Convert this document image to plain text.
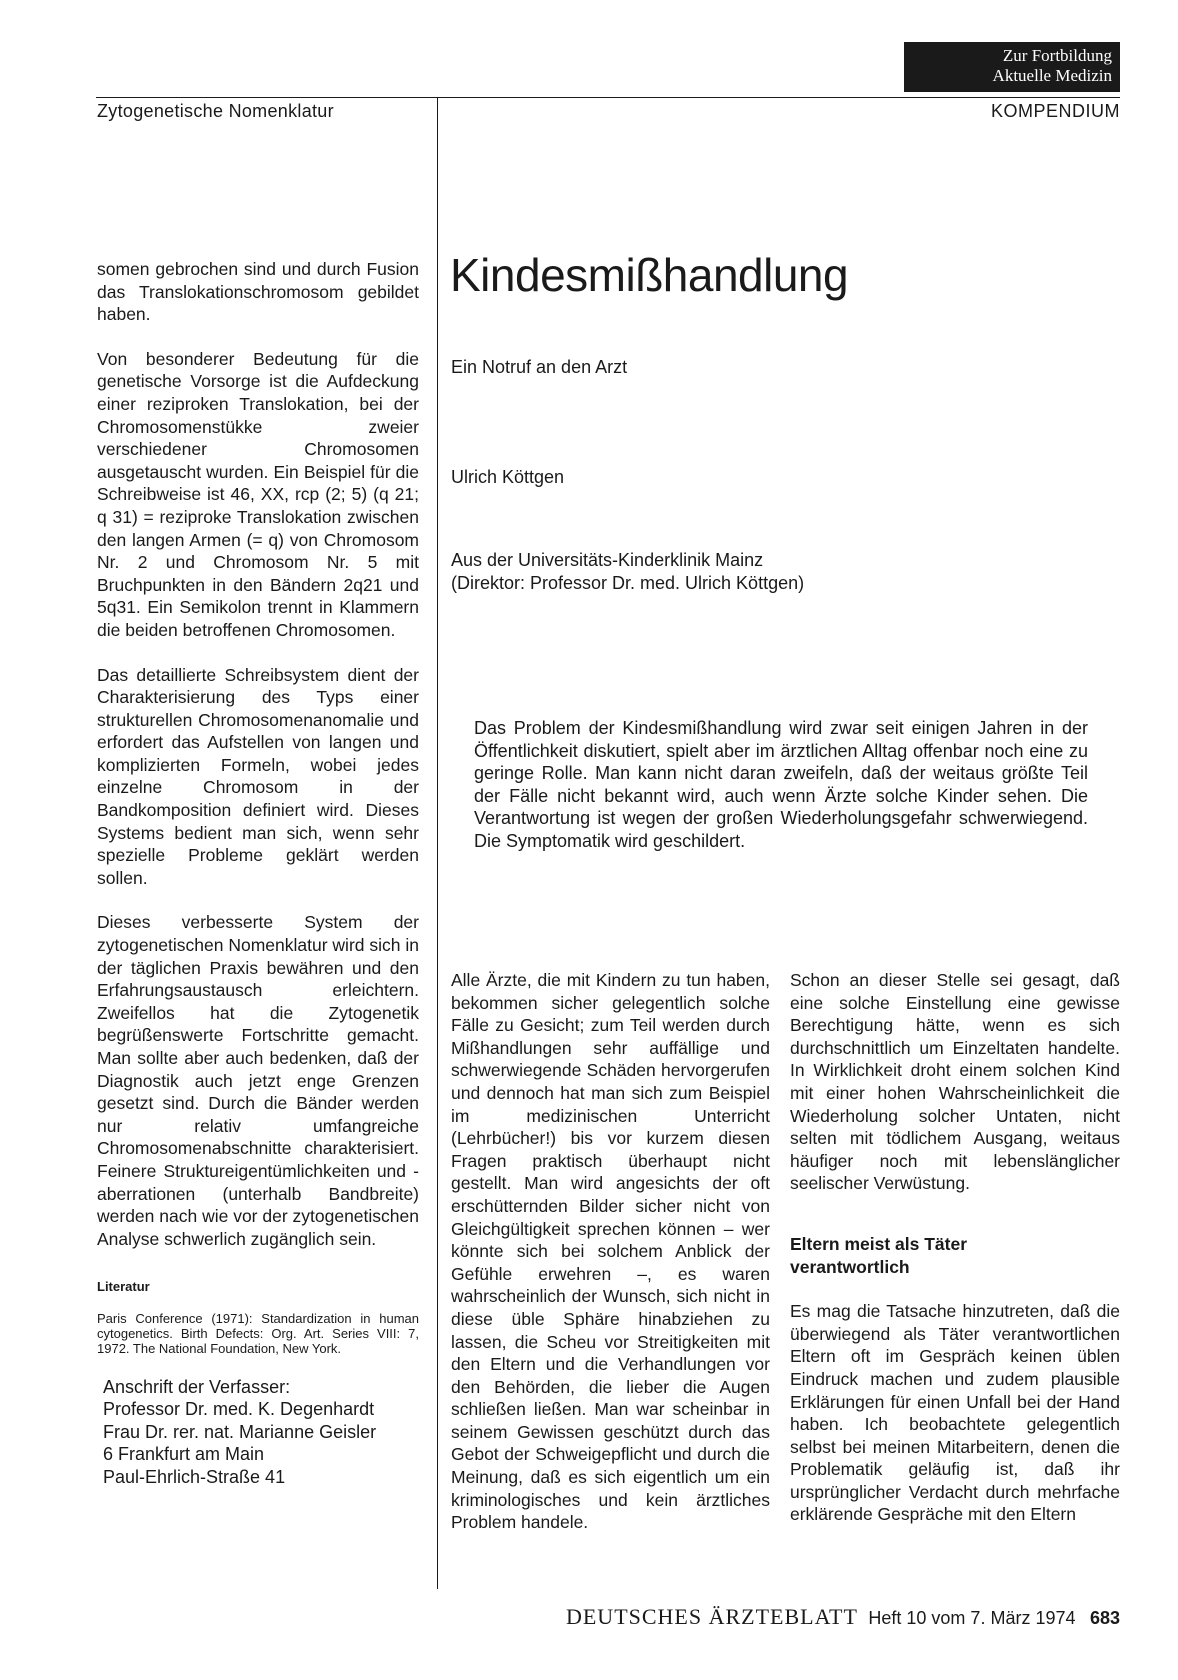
Zur Fortbildung
Aktuelle Medizin
Zytogenetische Nomenklatur	KOMPENDIUM

somen gebrochen sind und durch Fusion das Translokationschromosom gebildet haben.

Von besonderer Bedeutung für die genetische Vorsorge ist die Aufdeckung einer reziproken Translokation, bei der Chromosomenstükke zweier verschiedener Chromosomen ausgetauscht wurden. Ein Beispiel für die Schreibweise ist 46, XX, rcp (2; 5) (q 21; q 31) = reziproke Translokation zwischen den langen Armen (= q) von Chromosom Nr. 2 und Chromosom Nr. 5 mit Bruchpunkten in den Bändern 2q21 und 5q31. Ein Semikolon trennt in Klammern die beiden betroffenen Chromosomen.

Das detaillierte Schreibsystem dient der Charakterisierung des Typs einer strukturellen Chromosomenanomalie und erfordert das Aufstellen von langen und komplizierten Formeln, wobei jedes einzelne Chromosom in der Bandkomposition definiert wird. Dieses Systems bedient man sich, wenn sehr spezielle Probleme geklärt werden sollen.

Dieses verbesserte System der zytogenetischen Nomenklatur wird sich in der täglichen Praxis bewähren und den Erfahrungsaustausch erleichtern. Zweifellos hat die Zytogenetik begrüßenswerte Fortschritte gemacht. Man sollte aber auch bedenken, daß der Diagnostik auch jetzt enge Grenzen gesetzt sind. Durch die Bänder werden nur relativ umfangreiche Chromosomenabschnitte charakterisiert. Feinere Struktureigentümlichkeiten und -aberrationen (unterhalb Bandbreite) werden nach wie vor der zytogenetischen Analyse schwerlich zugänglich sein.

Literatur
Paris Conference (1971): Standardization in human cytogenetics. Birth Defects: Org. Art. Series VIII: 7, 1972. The National Foundation, New York.
Anschrift der Verfasser:
Professor Dr. med. K. Degenhardt
Frau Dr. rer. nat. Marianne Geisler
6 Frankfurt am Main
Paul-Ehrlich-Straße 41
Kindesmißhandlung
Ein Notruf an den Arzt
Ulrich Köttgen
Aus der Universitäts-Kinderklinik Mainz
(Direktor: Professor Dr. med. Ulrich Köttgen)
Das Problem der Kindesmißhandlung wird zwar seit einigen Jahren in der Öffentlichkeit diskutiert, spielt aber im ärztlichen Alltag offenbar noch eine zu geringe Rolle. Man kann nicht daran zweifeln, daß der weitaus größte Teil der Fälle nicht bekannt wird, auch wenn Ärzte solche Kinder sehen. Die Verantwortung ist wegen der großen Wiederholungsgefahr schwerwiegend. Die Symptomatik wird geschildert.

Alle Ärzte, die mit Kindern zu tun haben, bekommen sicher gelegentlich solche Fälle zu Gesicht; zum Teil werden durch Mißhandlungen sehr auffällige und schwerwiegende Schäden hervorgerufen und dennoch hat man sich zum Beispiel im medizinischen Unterricht (Lehrbücher!) bis vor kurzem diesen Fragen praktisch überhaupt nicht gestellt. Man wird angesichts der oft erschütternden Bilder sicher nicht von Gleichgültigkeit sprechen können – wer könnte sich bei solchem Anblick der Gefühle erwehren –, es waren wahrscheinlich der Wunsch, sich nicht in diese üble Sphäre hinabziehen zu lassen, die Scheu vor Streitigkeiten mit den Eltern und die Verhandlungen vor den Behörden, die lieber die Augen schließen ließen. Man war scheinbar in seinem Gewissen geschützt durch das Gebot der Schweigepflicht und durch die Meinung, daß es sich eigentlich um ein kriminologisches und kein ärztliches Problem handele.

Schon an dieser Stelle sei gesagt, daß eine solche Einstellung eine gewisse Berechtigung hätte, wenn es sich durchschnittlich um Einzeltaten handelte. In Wirklichkeit droht einem solchen Kind mit einer hohen Wahrscheinlichkeit die Wiederholung solcher Untaten, nicht selten mit tödlichem Ausgang, weitaus häufiger noch mit lebenslänglicher seelischer Verwüstung.

Eltern meist als Täter
verantwortlich

Es mag die Tatsache hinzutreten, daß die überwiegend als Täter verantwortlichen Eltern oft im Gespräch keinen üblen Eindruck machen und zudem plausible Erklärungen für einen Unfall bei der Hand haben. Ich beobachtete gelegentlich selbst bei meinen Mitarbeitern, denen die Problematik geläufig ist, daß ihr ursprünglicher Verdacht durch mehrfache erklärende Gespräche mit den Eltern

DEUTSCHES ÄRZTEBLATT Heft 10 vom 7. März 1974 683
